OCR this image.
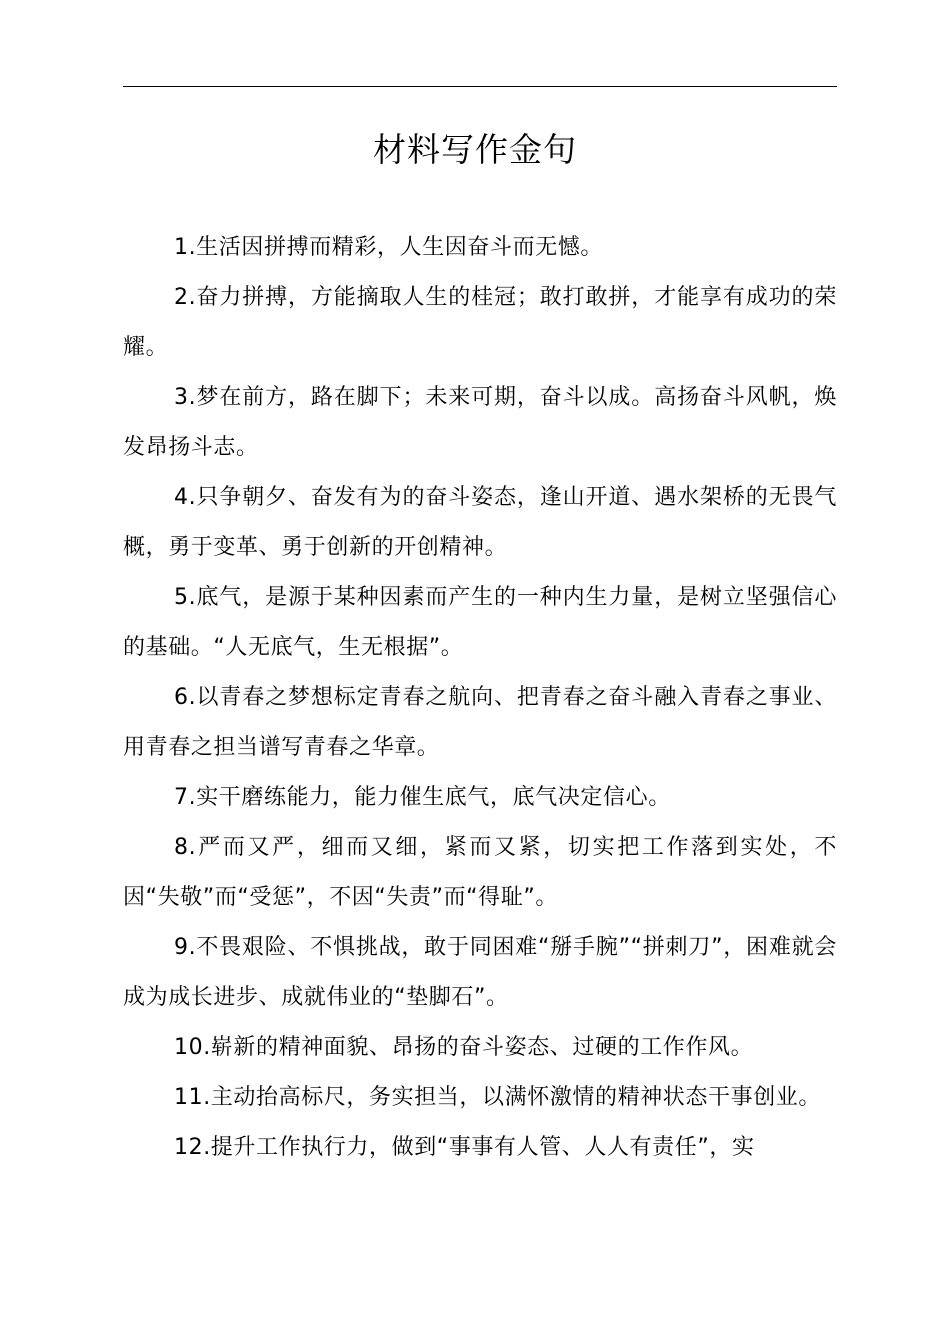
材料写作金句

1.生活因拼搏而精彩，人生因奋斗而无憾。

2.奋力拼搏，方能摘取人生的桂冠；敢打敢拼，才能享有成功的荣耀。

3.梦在前方，路在脚下；未来可期，奋斗以成。高扬奋斗风帆，焕发昂扬斗志。

4.只争朝夕、奋发有为的奋斗姿态，逢山开道、遇水架桥的无畏气概，勇于变革、勇于创新的开创精神。

5.底气，是源于某种因素而产生的一种内生力量，是树立坚强信心的基础。“人无底气，生无根据”。

6.以青春之梦想标定青春之航向、把青春之奋斗融入青春之事业、用青春之担当谱写青春之华章。

7.实干磨练能力，能力催生底气，底气决定信心。

8.严而又严，细而又细，紧而又紧，切实把工作落到实处，不因“失敬”而“受惩”，不因“失责”而“得耻”。

9.不畏艰险、不惧挑战，敢于同困难“掰手腕”“拼刺刀”，困难就会成为成长进步、成就伟业的“垫脚石”。

10.崭新的精神面貌、昂扬的奋斗姿态、过硬的工作作风。

11.主动抬高标尺，务实担当，以满怀激情的精神状态干事创业。

12.提升工作执行力，做到“事事有人管、人人有责任”，实
